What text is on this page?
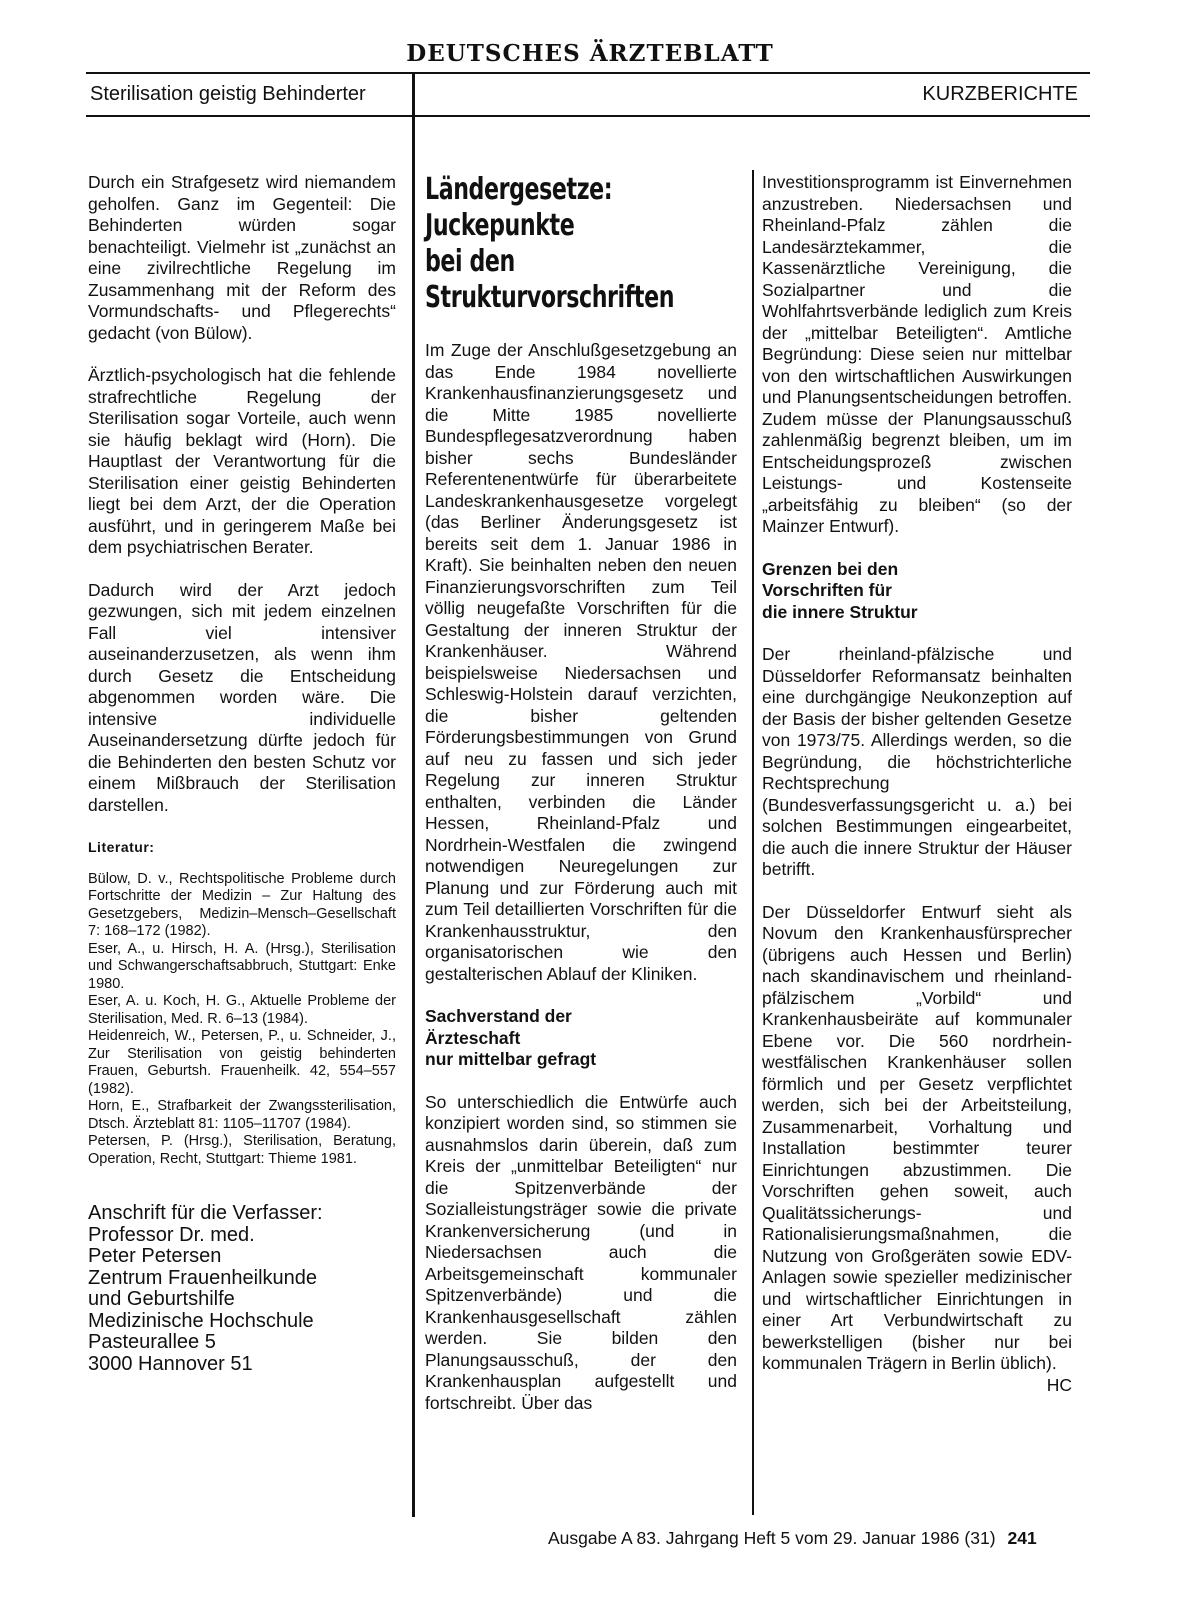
DEUTSCHES ÄRZTEBLATT
Sterilisation geistig Behinderter	KURZBERICHTE

Durch ein Strafgesetz wird niemandem geholfen. Ganz im Gegenteil: Die Behinderten würden sogar benachteiligt. Vielmehr ist „zunächst an eine zivilrechtliche Regelung im Zusammenhang mit der Reform des Vormundschafts- und Pflegerechts“ gedacht (von Bülow).

Ärztlich-psychologisch hat die fehlende strafrechtliche Regelung der Sterilisation sogar Vorteile, auch wenn sie häufig beklagt wird (Horn). Die Hauptlast der Verantwortung für die Sterilisation einer geistig Behinderten liegt bei dem Arzt, der die Operation ausführt, und in geringerem Maße bei dem psychiatrischen Berater.

Dadurch wird der Arzt jedoch gezwungen, sich mit jedem einzelnen Fall viel intensiver auseinanderzusetzen, als wenn ihm durch Gesetz die Entscheidung abgenommen worden wäre. Die intensive individuelle Auseinandersetzung dürfte jedoch für die Behinderten den besten Schutz vor einem Mißbrauch der Sterilisation darstellen.

Literatur:
Bülow, D. v., Rechtspolitische Probleme durch Fortschritte der Medizin – Zur Haltung des Gesetzgebers, Medizin–Mensch–Gesellschaft 7: 168–172 (1982).
Eser, A., u. Hirsch, H. A. (Hrsg.), Sterilisation und Schwangerschaftsabbruch, Stuttgart: Enke 1980.
Eser, A. u. Koch, H. G., Aktuelle Probleme der Sterilisation, Med. R. 6–13 (1984).
Heidenreich, W., Petersen, P., u. Schneider, J., Zur Sterilisation von geistig behinderten Frauen, Geburtsh. Frauenheilk. 42, 554–557 (1982).
Horn, E., Strafbarkeit der Zwangssterilisation, Dtsch. Ärzteblatt 81: 1105–11707 (1984).
Petersen, P. (Hrsg.), Sterilisation, Beratung, Operation, Recht, Stuttgart: Thieme 1981.
Anschrift für die Verfasser:
Professor Dr. med.
Peter Petersen
Zentrum Frauenheilkunde
und Geburtshilfe
Medizinische Hochschule
Pasteurallee 5
3000 Hannover 51
Ländergesetze:
Juckepunkte
bei den
Strukturvorschriften

Im Zuge der Anschlußgesetzgebung an das Ende 1984 novellierte Krankenhausfinanzierungsgesetz und die Mitte 1985 novellierte Bundespflegesatzverordnung haben bisher sechs Bundesländer Referentenentwürfe für überarbeitete Landeskrankenhausgesetze vorgelegt (das Berliner Änderungsgesetz ist bereits seit dem 1. Januar 1986 in Kraft). Sie beinhalten neben den neuen Finanzierungsvorschriften zum Teil völlig neugefaßte Vorschriften für die Gestaltung der inneren Struktur der Krankenhäuser. Während beispielsweise Niedersachsen und Schleswig-Holstein darauf verzichten, die bisher geltenden Förderungsbestimmungen von Grund auf neu zu fassen und sich jeder Regelung zur inneren Struktur enthalten, verbinden die Länder Hessen, Rheinland-Pfalz und Nordrhein-Westfalen die zwingend notwendigen Neuregelungen zur Planung und zur Förderung auch mit zum Teil detaillierten Vorschriften für die Krankenhausstruktur, den organisatorischen wie den gestalterischen Ablauf der Kliniken.

Sachverstand der
Ärzteschaft
nur mittelbar gefragt

So unterschiedlich die Entwürfe auch konzipiert worden sind, so stimmen sie ausnahmslos darin überein, daß zum Kreis der „unmittelbar Beteiligten“ nur die Spitzenverbände der Sozialleistungsträger sowie die private Krankenversicherung (und in Niedersachsen auch die Arbeitsgemeinschaft kommunaler Spitzenverbände) und die Krankenhausgesellschaft zählen werden. Sie bilden den Planungsausschuß, der den Krankenhausplan aufgestellt und fortschreibt. Über das

Investitionsprogramm ist Einvernehmen anzustreben. Niedersachsen und Rheinland-Pfalz zählen die Landesärztekammer, die Kassenärztliche Vereinigung, die Sozialpartner und die Wohlfahrtsverbände lediglich zum Kreis der „mittelbar Beteiligten“. Amtliche Begründung: Diese seien nur mittelbar von den wirtschaftlichen Auswirkungen und Planungsentscheidungen betroffen. Zudem müsse der Planungsausschuß zahlenmäßig begrenzt bleiben, um im Entscheidungsprozeß zwischen Leistungs- und Kostenseite „arbeitsfähig zu bleiben“ (so der Mainzer Entwurf).

Grenzen bei den
Vorschriften für
die innere Struktur

Der rheinland-pfälzische und Düsseldorfer Reformansatz beinhalten eine durchgängige Neukonzeption auf der Basis der bisher geltenden Gesetze von 1973/75. Allerdings werden, so die Begründung, die höchstrichterliche Rechtsprechung (Bundesverfassungsgericht u. a.) bei solchen Bestimmungen eingearbeitet, die auch die innere Struktur der Häuser betrifft.

Der Düsseldorfer Entwurf sieht als Novum den Krankenhausfürsprecher (übrigens auch Hessen und Berlin) nach skandinavischem und rheinland-pfälzischem „Vorbild“ und Krankenhausbeiräte auf kommunaler Ebene vor. Die 560 nordrhein-westfälischen Krankenhäuser sollen förmlich und per Gesetz verpflichtet werden, sich bei der Arbeitsteilung, Zusammenarbeit, Vorhaltung und Installation bestimmter teurer Einrichtungen abzustimmen. Die Vorschriften gehen soweit, auch Qualitätssicherungs- und Rationalisierungsmaßnahmen, die Nutzung von Großgeräten sowie EDV-Anlagen sowie spezieller medizinischer und wirtschaftlicher Einrichtungen in einer Art Verbundwirtschaft zu bewerkstelligen (bisher nur bei kommunalen Trägern in Berlin üblich).

HC
Ausgabe A 83. Jahrgang Heft 5 vom 29. Januar 1986 (31) 241
